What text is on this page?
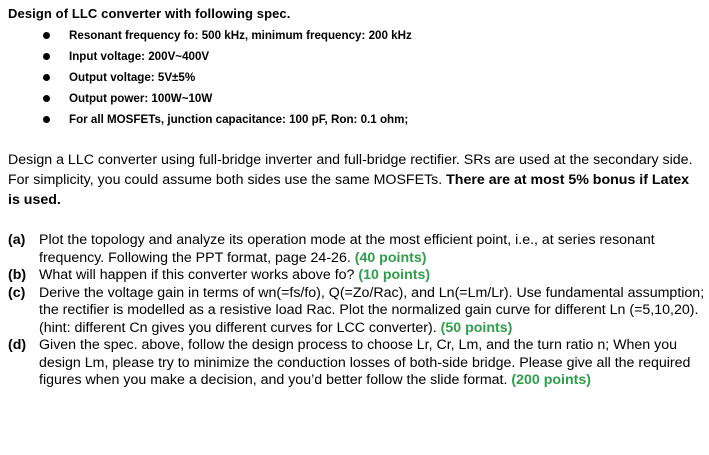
Design of LLC converter with following spec.
Resonant frequency fo: 500 kHz, minimum frequency: 200 kHz
Input voltage: 200V~400V
Output voltage: 5V±5%
Output power: 100W~10W
For all MOSFETs, junction capacitance: 100 pF, Ron: 0.1 ohm;

Design a LLC converter using full-bridge inverter and full-bridge rectifier. SRs are used at the secondary side. For simplicity, you could assume both sides use the same MOSFETs. There are at most 5% bonus if Latex is used.

(a) Plot the topology and analyze its operation mode at the most efficient point, i.e., at series resonant frequency. Following the PPT format, page 24-26. (40 points)
(b) What will happen if this converter works above fo? (10 points)
(c) Derive the voltage gain in terms of wn(=fs/fo), Q(=Zo/Rac), and Ln(=Lm/Lr). Use fundamental assumption; the rectifier is modelled as a resistive load Rac. Plot the normalized gain curve for different Ln (=5,10,20). (hint: different Cn gives you different curves for LCC converter). (50 points)
(d) Given the spec. above, follow the design process to choose Lr, Cr, Lm, and the turn ratio n; When you design Lm, please try to minimize the conduction losses of both-side bridge. Please give all the required figures when you make a decision, and you’d better follow the slide format. (200 points)
